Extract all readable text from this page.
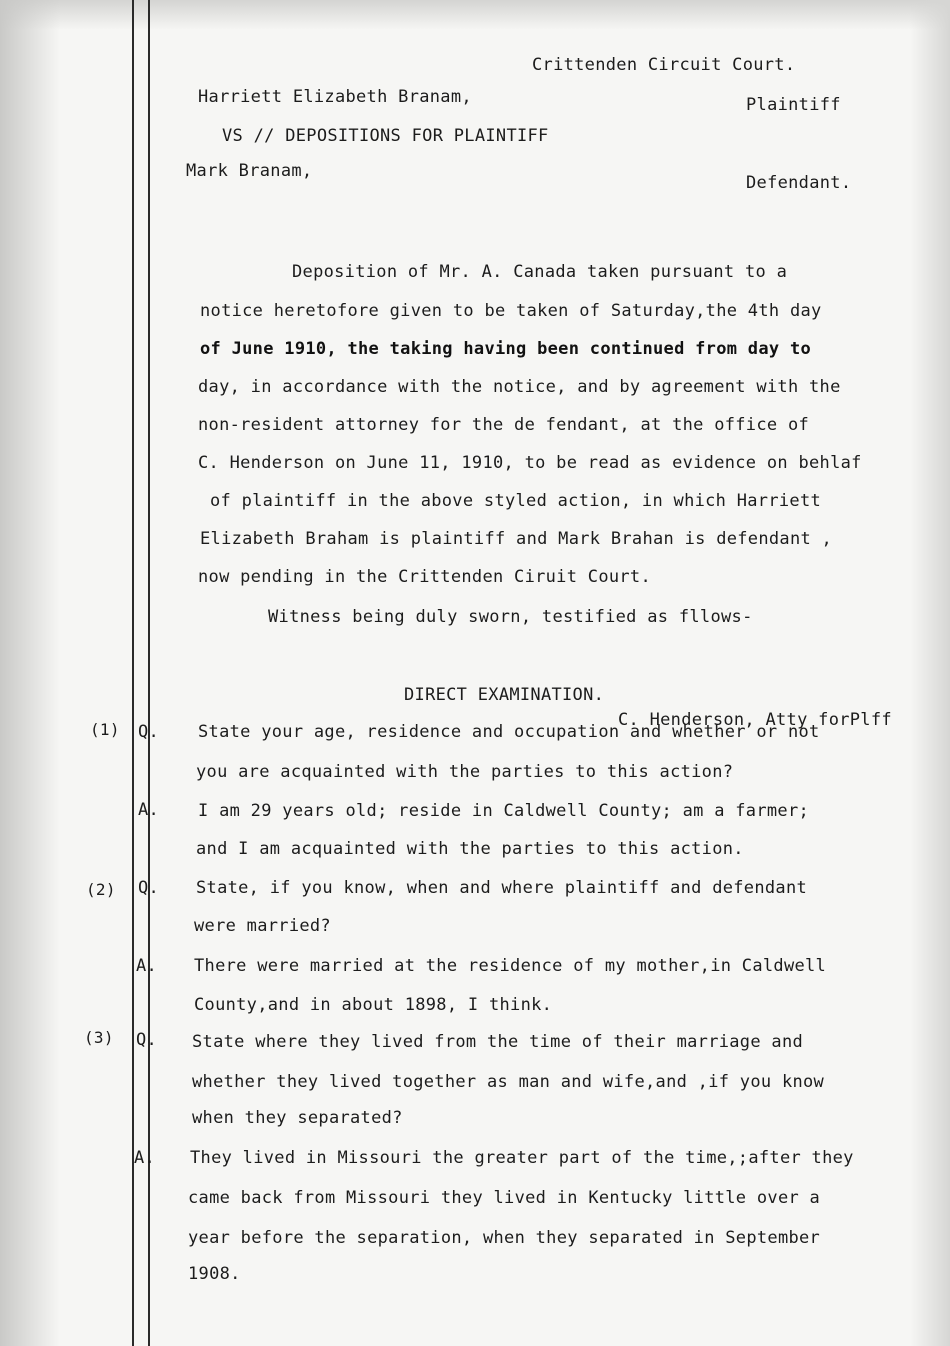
Crittenden Circuit Court.
Harriett Elizabeth Branam,	Plaintiff
VS // DEPOSITIONS FOR PLAINTIFF
Mark Branam,
Defendant.
Deposition of Mr. A. Canada taken pursuant to a
notice heretofore given to be taken of Saturday,the 4th day
of June 1910, the taking having been continued from day to
day, in accordance with the notice, and by agreement with the
non-resident attorney for the de fendant, at the office of
C. Henderson on June 11, 1910, to be read as evidence on behlaf
of plaintiff in the above styled action, in which Harriett
Elizabeth Braham is plaintiff and Mark Brahan is defendant ,
now pending in the Crittenden Ciruit Court.
Witness being duly sworn, testified as fllows-
DIRECT EXAMINATION.
C. Henderson, Atty forPlff
(1) Q. State your age, residence and occupation and whether or not
you are acquainted with the parties to this action?
A. I am 29 years old; reside in Caldwell County; am a farmer;
and I am acquainted with the parties to this action.
(2) Q. State, if you know, when and where plaintiff and defendant
were married?
A. There were married at the residence of my mother,in Caldwell
County,and in about 1898, I think.
(3) Q. State where they lived from the time of their marriage and
whether they lived together as man and wife,and ,if you know
when they separated?
A. They lived in Missouri the greater part of the time,;after they
came back from Missouri they lived in Kentucky little over a
year before the separation, when they separated in September
1908.
